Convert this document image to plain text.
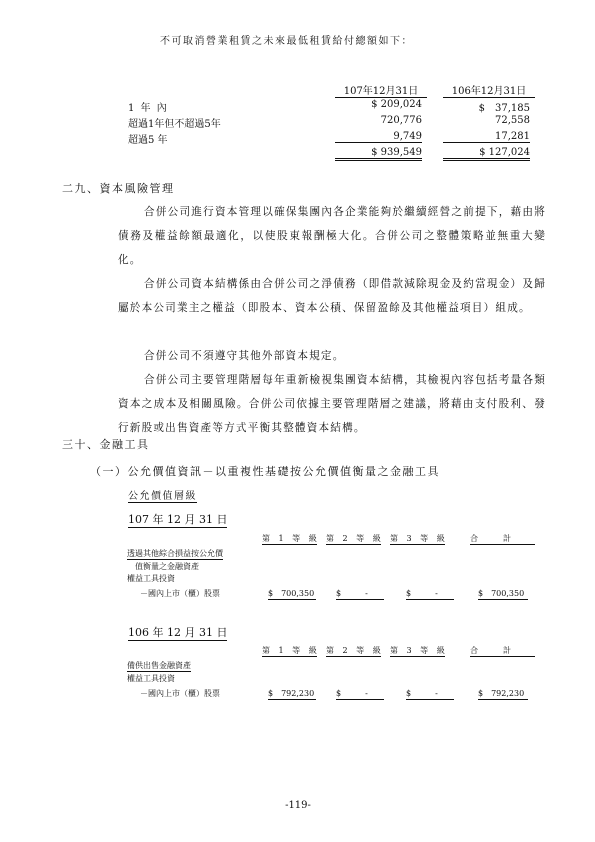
不可取消營業租賃之未來最低租賃給付總額如下：
107年12月31日	106年12月31日
1 年 內	$ 209,024	$　37,185
超過1年但不超過5年	720,776	72,558
超過5 年	9,749	17,281
$ 939,549	$ 127,024
二九、資本風險管理
合併公司進行資本管理以確保集團內各企業能夠於繼續經營之前提下，藉由將債務及權益餘額最適化，以使股東報酬極大化。合併公司之整體策略並無重大變化。
合併公司資本結構係由合併公司之淨債務（即借款減除現金及約當現金）及歸屬於本公司業主之權益（即股本、資本公積、保留盈餘及其他權益項目）組成。
合併公司不須遵守其他外部資本規定。
合併公司主要管理階層每年重新檢視集團資本結構，其檢視內容包括考量各類資本之成本及相關風險。合併公司依據主要管理階層之建議，將藉由支付股利、發行新股或出售資產等方式平衡其整體資本結構。
三十、金融工具
（一）公允價值資訊－以重複性基礎按公允價值衡量之金融工具
公允價值層級
107 年 12 月 31 日
第 1 等 級 第 2 等 級 第 3 等 級	合　　計
透過其他綜合損益按公允價
值衡量之金融資產
權益工具投資
－國內上市（櫃）股票	$　700,350	$　　　-	$　　　-	$　700,350
106 年 12 月 31 日
第 1 等 級 第 2 等 級 第 3 等 級	合　　計
備供出售金融資產
權益工具投資
－國內上市（櫃）股票	$　792,230	$　　　-	$　　　-	$　792,230
-119-
